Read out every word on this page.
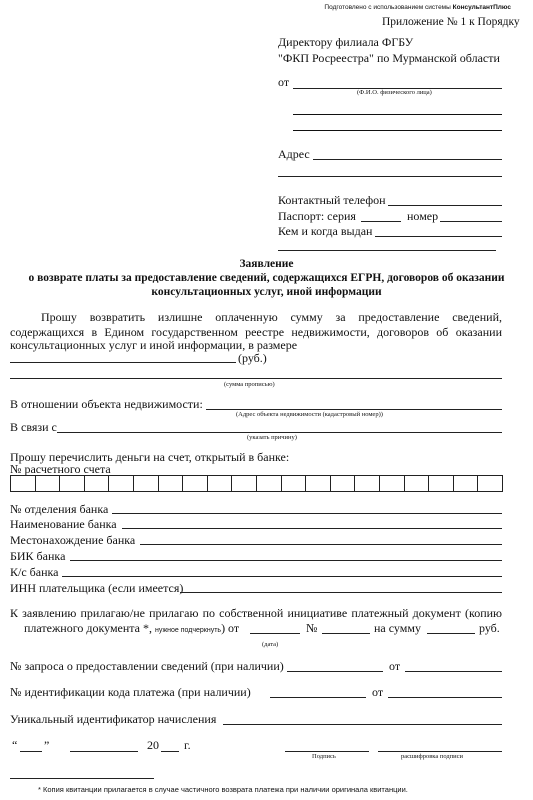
Подготовлено с использованием системы КонсультантПлюс
Приложение № 1 к Порядку
Директору филиала ФГБУ
"ФКП Росреестра" по Мурманской области
от
(Ф.И.О. физического лица)
Адрес
Контактный телефон
Паспорт: серия	номер
Кем и когда выдан
Заявление
о возврате платы за предоставление сведений, содержащихся ЕГРН, договоров об оказании
консультационных услуг, иной информации
Прошу возвратить излишне оплаченную сумму за предоставление сведений,
содержащихся в Едином государственном реестре недвижимости, договоров об оказании
консультационных услуг и иной информации, в размере
(руб.)
(сумма прописью)
В отношении объекта недвижимости:
(Адрес объекта недвижимости (кадастровый номер))
В связи с
(указать причину)
Прошу перечислить деньги на счет, открытый в банке:
№ расчетного счета
№ отделения банка
Наименование банка
Местонахождение банка
БИК банка
К/с банка
ИНН плательщика (если имеется)
К заявлению прилагаю/не прилагаю по собственной инициативе платежный документ (копию
платежного документа *, нужное подчеркнуть) от	№	на сумму	руб.
(дата)
№ запроса о предоставлении сведений (при наличии)	от
№ идентификации кода платежа (при наличии)	от
Уникальный идентификатор начисления
“ ”	20 г.
Подпись	расшифровка подписи
* Копия квитанции прилагается в случае частичного возврата платежа при наличии оригинала квитанции.
